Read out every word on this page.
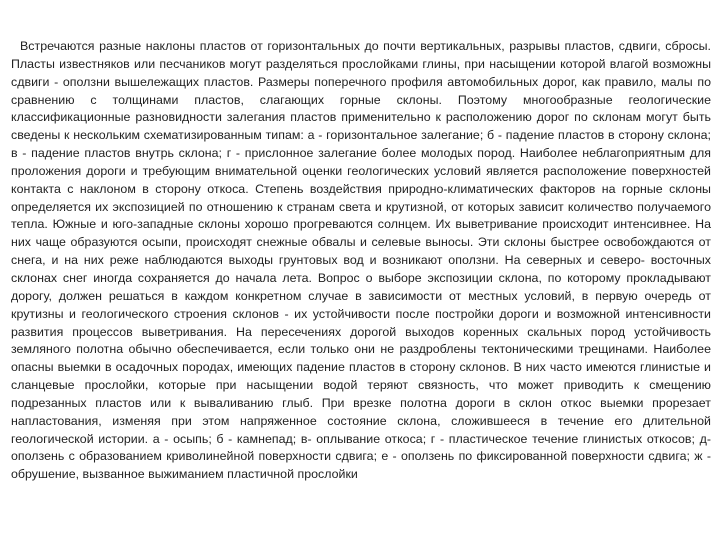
Встречаются разные наклоны пластов от горизонтальных до почти вертикальных, разрывы пластов, сдвиги, сбросы. Пласты известняков или песчаников могут разделяться прослойками глины, при насыщении которой влагой возможны сдвиги - оползни вышележащих пластов. Размеры поперечного профиля автомобильных дорог, как правило, малы по сравнению с толщинами пластов, слагающих горные склоны. Поэтому многообразные геологические классификационные разновидности залегания пластов применительно к расположению дорог по склонам могут быть сведены к нескольким схематизированным типам: а - горизонтальное залегание; б - падение пластов в сторону склона; в - падение пластов внутрь склона; г - прислонное залегание более молодых пород. Наиболее неблагоприятным для проложения дороги и требующим внимательной оценки геологических условий является расположение поверхностей контакта с наклоном в сторону откоса. Степень воздействия природно-климатических факторов на горные склоны определяется их экспозицией по отношению к странам света и крутизной, от которых зависит количество получаемого тепла. Южные и юго-западные склоны хорошо прогреваются солнцем. Их выветривание происходит интенсивнее. На них чаще образуются осыпи, происходят снежные обвалы и селевые выносы. Эти склоны быстрее освобождаются от снега, и на них реже наблюдаются выходы грунтовых вод и возникают оползни. На северных и северо- восточных склонах снег иногда сохраняется до начала лета. Вопрос о выборе экспозиции склона, по которому прокладывают дорогу, должен решаться в каждом конкретном случае в зависимости от местных условий, в первую очередь от крутизны и геологического строения склонов - их устойчивости после постройки дороги и возможной интенсивности развития процессов выветривания. На пересечениях дорогой выходов коренных скальных пород устойчивость земляного полотна обычно обеспечивается, если только они не раздроблены тектоническими трещинами. Наиболее опасны выемки в осадочных породах, имеющих падение пластов в сторону склонов. В них часто имеются глинистые и сланцевые прослойки, которые при насыщении водой теряют связность, что может приводить к смещению подрезанных пластов или к вываливанию глыб. При врезке полотна дороги в склон откос выемки прорезает напластования, изменяя при этом напряженное состояние склона, сложившееся в течение его длительной геологической истории. а - осыпь; б - камнепад; в- оплывание откоса; г - пластическое течение глинистых откосов; д-оползень с образованием криволинейной поверхности сдвига; е - оползень по фиксированной поверхности сдвига; ж - обрушение, вызванное выжиманием пластичной прослойки
